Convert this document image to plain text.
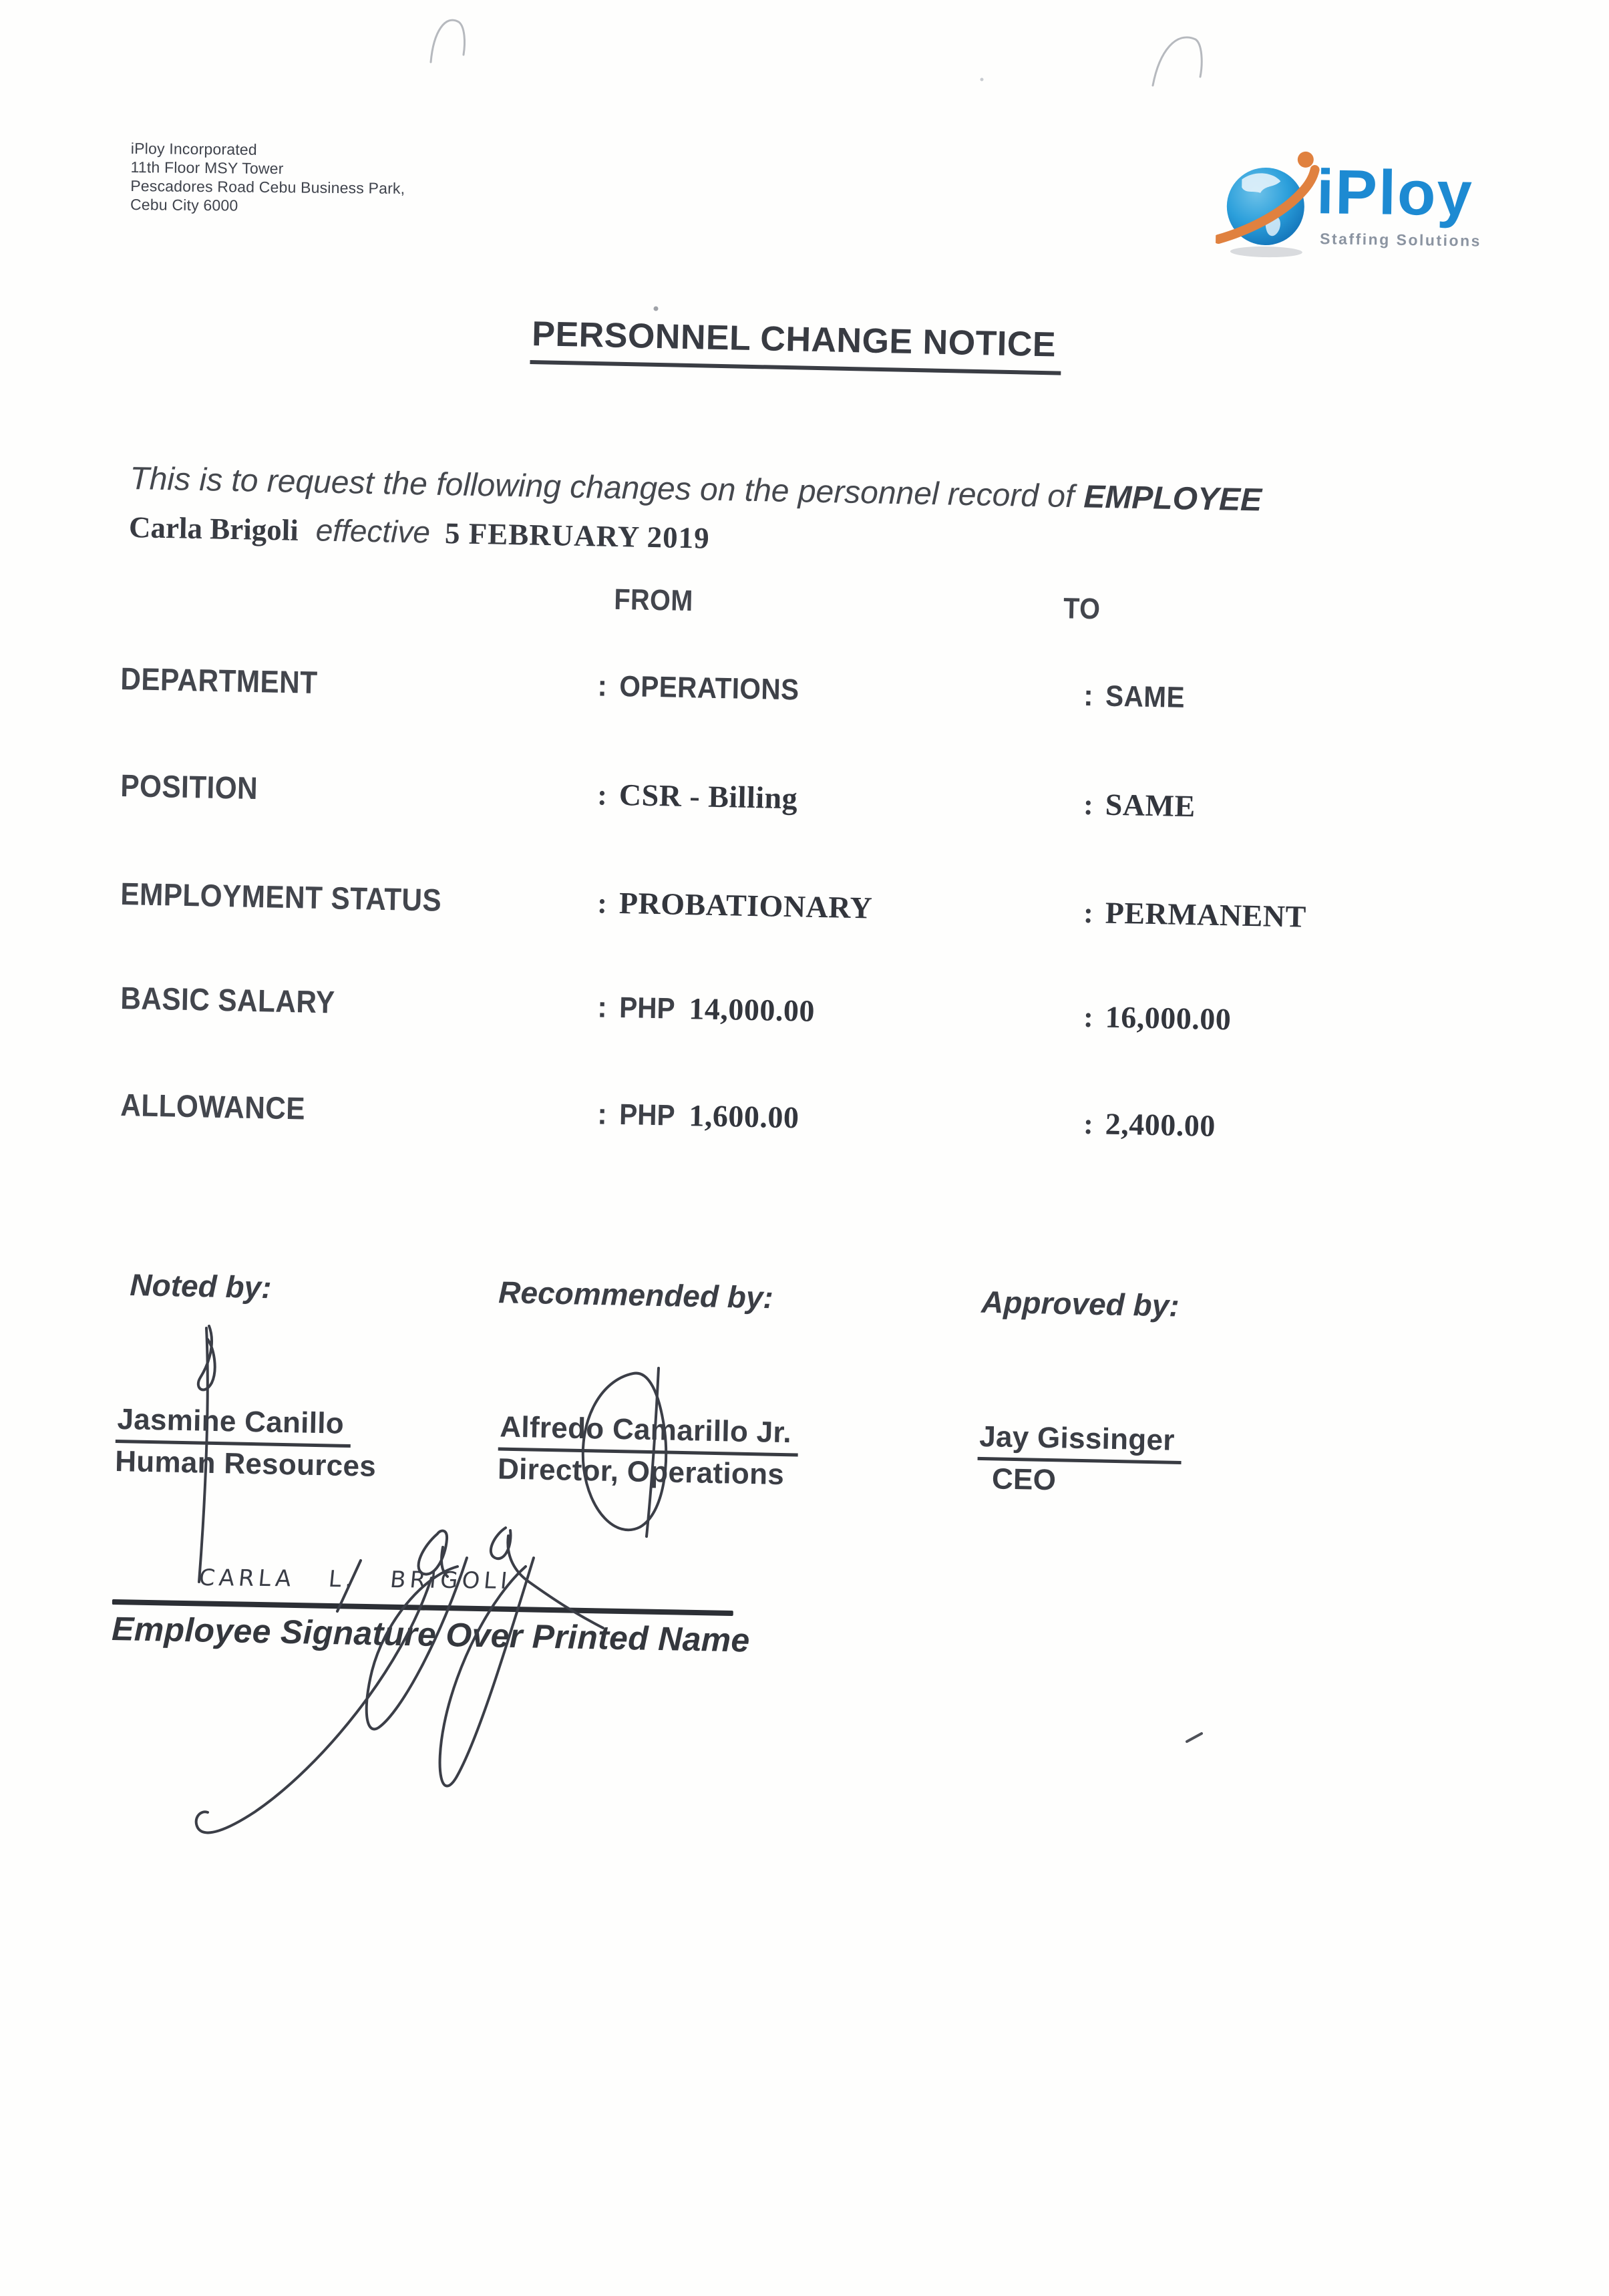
iPloy Incorporated
11th Floor MSY Tower
Pescadores Road Cebu Business Park,
Cebu City 6000	iPloy
Staffing Solutions
PERSONNEL CHANGE NOTICE
This is to request the following changes on the personnel record of EMPLOYEE
Carla Brigoli effective 5 FEBRUARY 2019
FROM	TO
DEPARTMENT	: OPERATIONS	: SAME
POSITION	: CSR - Billing	: SAME
EMPLOYMENT STATUS	: PROBATIONARY	: PERMANENT
BASIC SALARY	: PHP 14,000.00	: 16,000.00
ALLOWANCE	: PHP 1,600.00	: 2,400.00
Noted by:	Recommended by:	Approved by:
Jasmine Canillo
Human Resources
Alfredo Camarillo Jr.
Director, Operations
Jay Gissinger
CEO
CARLA   L.   BRIGOLI
Employee Signature Over Printed Name
